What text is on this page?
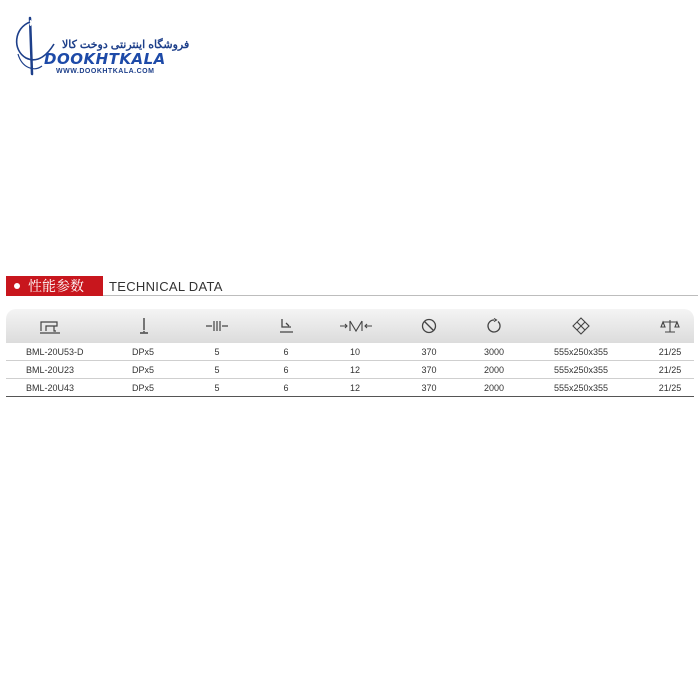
فروشگاه اینترنتی دوخت کالا
DOOKHTKALA
WWW.DOOKHTKALA.COM
性能参数 TECHNICAL DATA
BML-20U53-D	DPx5	5	6	10	370	3000	555x250x355	21/25
BML-20U23	DPx5	5	6	12	370	2000	555x250x355	21/25
BML-20U43	DPx5	5	6	12	370	2000	555x250x355	21/25
